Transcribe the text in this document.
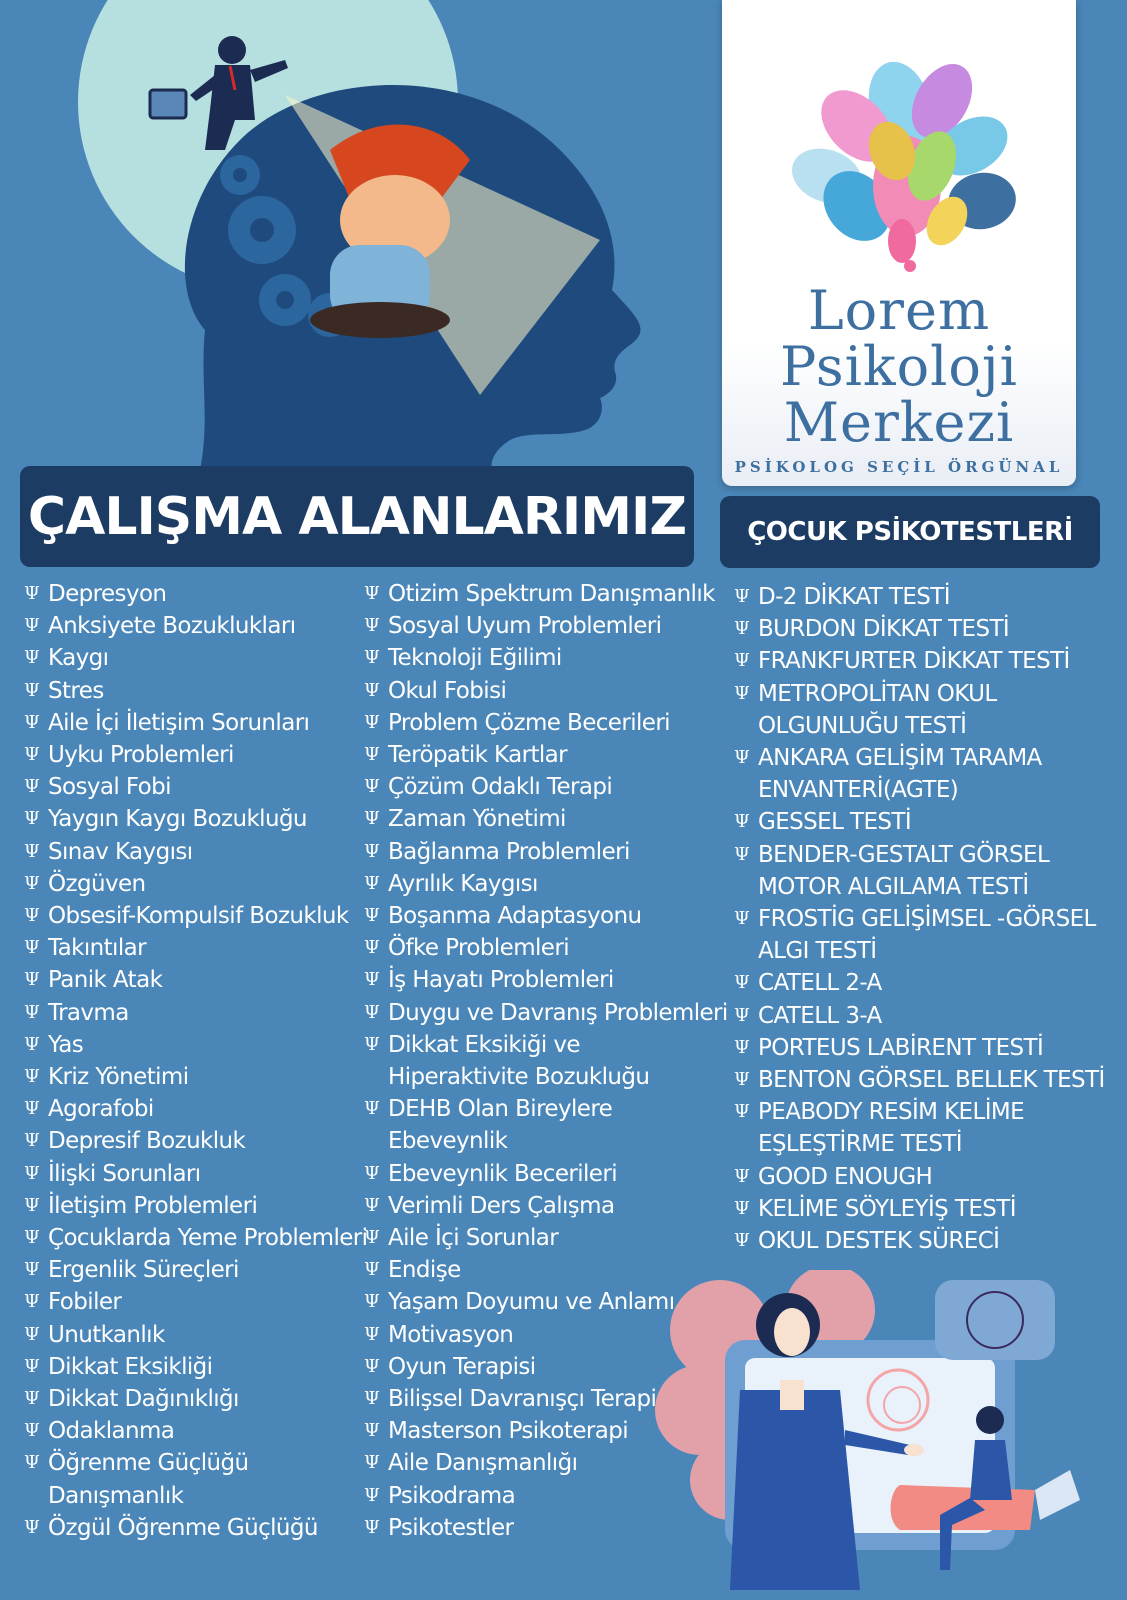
Lorem
Psikoloji
Merkezi
PSİKOLOG SEÇİL ÖRGÜNAL
ÇALIŞMA ALANLARIMIZ ÇOCUK PSİKOTESTLERİ
Ψ Depresyon
Ψ Anksiyete Bozuklukları
Ψ Kaygı
Ψ Stres
Ψ Aile İçi İletişim Sorunları
Ψ Uyku Problemleri
Ψ Sosyal Fobi
Ψ Yaygın Kaygı Bozukluğu
Ψ Sınav Kaygısı
Ψ Özgüven
Ψ Obsesif-Kompulsif Bozukluk
Ψ Takıntılar
Ψ Panik Atak
Ψ Travma
Ψ Yas
Ψ Kriz Yönetimi
Ψ Agorafobi
Ψ Depresif Bozukluk
Ψ İlişki Sorunları
Ψ İletişim Problemleri
Ψ Çocuklarda Yeme Problemleri
Ψ Ergenlik Süreçleri
Ψ Fobiler
Ψ Unutkanlık
Ψ Dikkat Eksikliği
Ψ Dikkat Dağınıklığı
Ψ Odaklanma
Ψ Öğrenme Güçlüğü Danışmanlık
Ψ Özgül Öğrenme Güçlüğü
Ψ Otizim Spektrum Danışmanlık
Ψ Sosyal Uyum Problemleri
Ψ Teknoloji Eğilimi
Ψ Okul Fobisi
Ψ Problem Çözme Becerileri
Ψ Teröpatik Kartlar
Ψ Çözüm Odaklı Terapi
Ψ Zaman Yönetimi
Ψ Bağlanma Problemleri
Ψ Ayrılık Kaygısı
Ψ Boşanma Adaptasyonu
Ψ Öfke Problemleri
Ψ İş Hayatı Problemleri
Ψ Duygu ve Davranış Problemleri
Ψ Dikkat Eksikiği ve Hiperaktivite Bozukluğu
Ψ DEHB Olan Bireylere Ebeveynlik
Ψ Ebeveynlik Becerileri
Ψ Verimli Ders Çalışma
Ψ Aile İçi Sorunlar
Ψ Endişe
Ψ Yaşam Doyumu ve Anlamı
Ψ Motivasyon
Ψ Oyun Terapisi
Ψ Bilişsel Davranışçı Terapi
Ψ Masterson Psikoterapi
Ψ Aile Danışmanlığı
Ψ Psikodrama
Ψ Psikotestler
Ψ D-2 DİKKAT TESTİ
Ψ BURDON DİKKAT TESTİ
Ψ FRANKFURTER DİKKAT TESTİ
Ψ METROPOLİTAN OKUL OLGUNLUĞU TESTİ
Ψ ANKARA GELİŞİM TARAMA ENVANTERİ(AGTE)
Ψ GESSEL TESTİ
Ψ BENDER-GESTALT GÖRSEL MOTOR ALGILAMA TESTİ
Ψ FROSTİG GELİŞİMSEL -GÖRSEL ALGI TESTİ
Ψ CATELL 2-A
Ψ CATELL 3-A
Ψ PORTEUS LABİRENT TESTİ
Ψ BENTON GÖRSEL BELLEK TESTİ
Ψ PEABODY RESİM KELİME EŞLEŞTİRME TESTİ
Ψ GOOD ENOUGH
Ψ KELİME SÖYLEYİŞ TESTİ
Ψ OKUL DESTEK SÜRECİ
